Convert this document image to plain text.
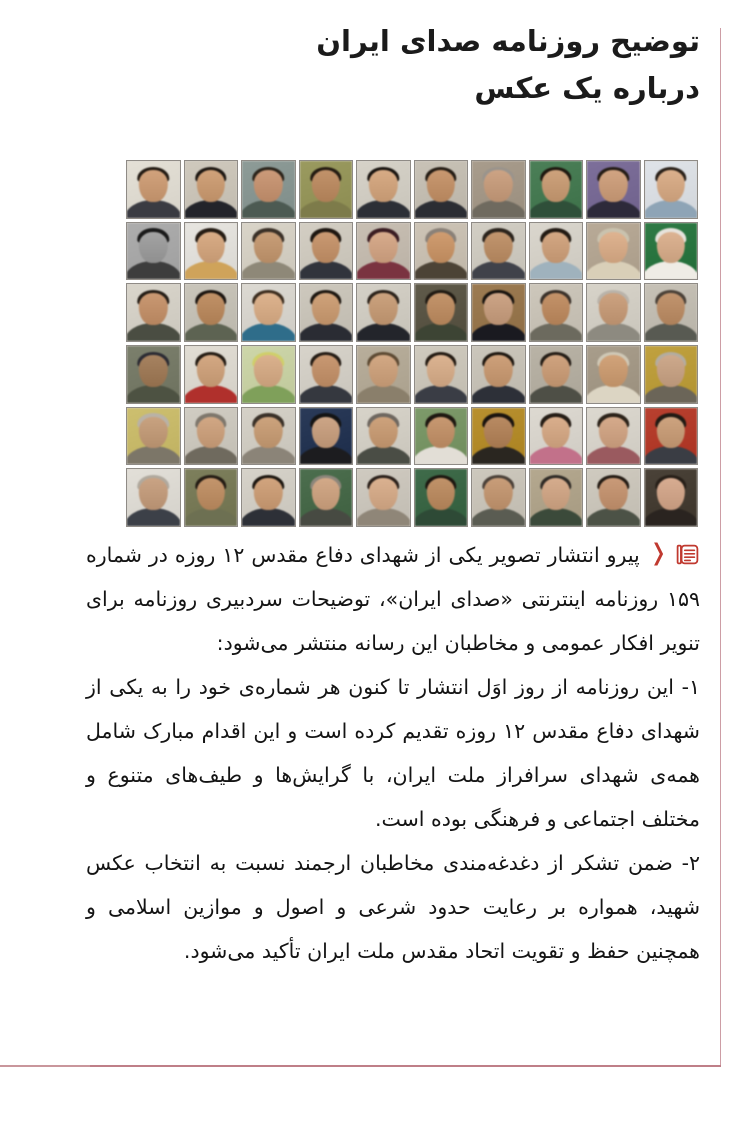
توضیح روزنامه صدای ایران
درباره یک عکس

❬
پیرو انتشار تصویر یکی از شهدای دفاع مقدس ۱۲ روزه در شماره ۱۵۹ روزنامه اینترنتی «صدای ایران»، توضیحات سردبیری روزنامه برای تنویر افکار عمومی و مخاطبان این رسانه منتشر می‌شود:

۱- این روزنامه از روز اوَل انتشار تا کنون هر شماره‌ی خود را به یکی از شهدای دفاع مقدس ۱۲ روزه تقدیم کرده است و این اقدام مبارک شامل همه‌ی شهدای سرافراز ملت ایران، با گرایش‌ها و طیف‌های متنوع و مختلف اجتماعی و فرهنگی بوده است.

۲- ضمن تشکر از دغدغه‌مندی مخاطبان ارجمند نسبت به انتخاب عکس شهید، همواره بر رعایت حدود شرعی و اصول و موازین اسلامی و همچنین حفظ و تقویت اتحاد مقدس ملت ایران تأکید می‌شود.
